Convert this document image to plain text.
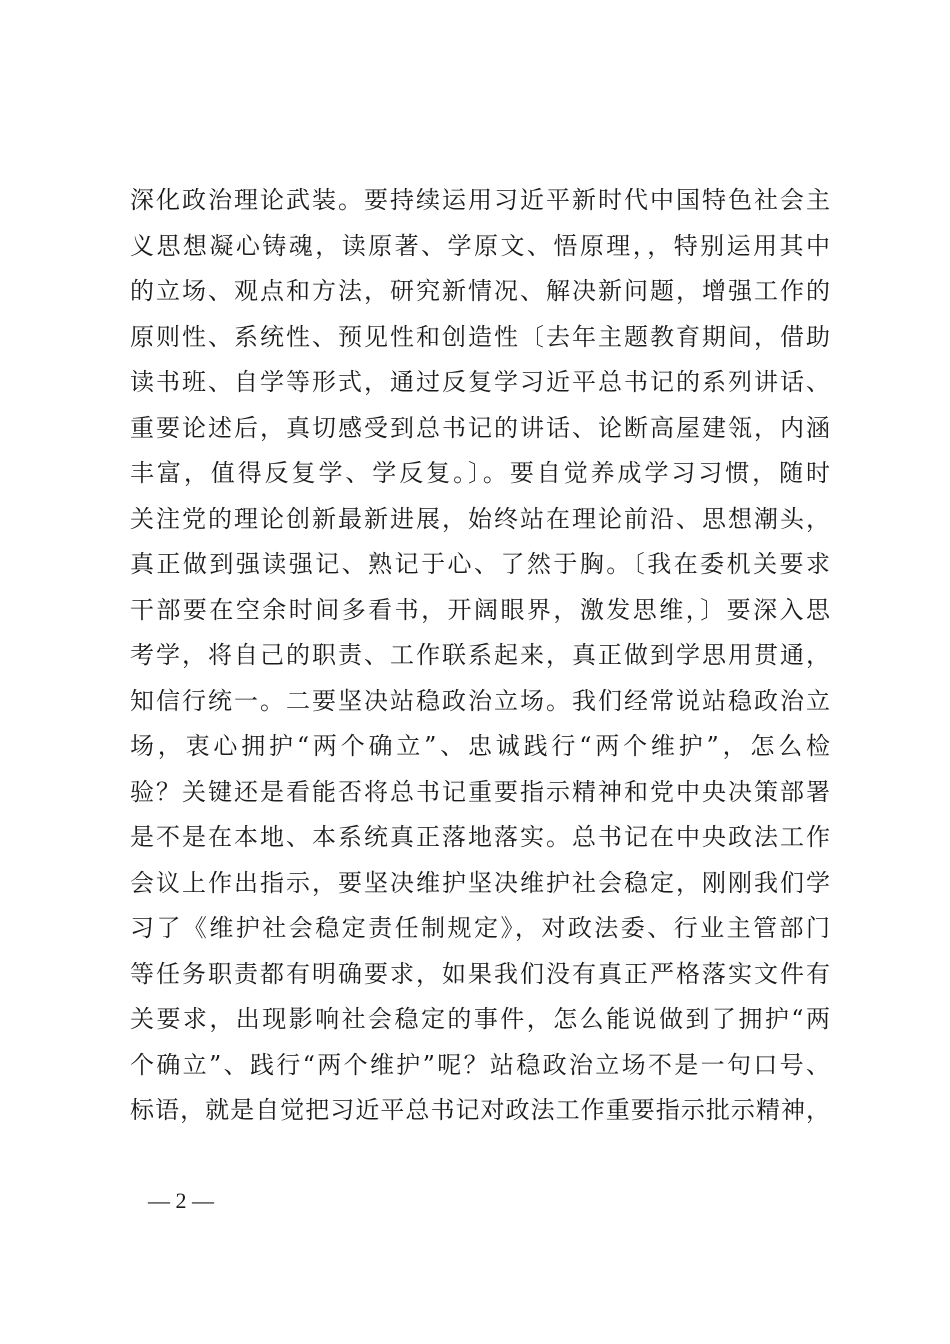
深化政治理论武装。要持续运用习近平新时代中国特色社会主
义思想凝心铸魂，读原著、学原文、悟原理，，特别运用其中
的立场、观点和方法，研究新情况、解决新问题，增强工作的
原则性、系统性、预见性和创造性〔去年主题教育期间，借助
读书班、自学等形式，通过反复学习近平总书记的系列讲话、
重要论述后，真切感受到总书记的讲话、论断高屋建瓴，内涵
丰富，值得反复学、学反复。〕。要自觉养成学习习惯，随时
关注党的理论创新最新进展，始终站在理论前沿、思想潮头，
真正做到强读强记、熟记于心、了然于胸。〔我在委机关要求
干部要在空余时间多看书，开阔眼界，激发思维，〕要深入思
考学，将自己的职责、工作联系起来，真正做到学思用贯通，
知信行统一。二要坚决站稳政治立场。我们经常说站稳政治立
场，衷心拥护“两个确立”、忠诚践行“两个维护”，怎么检
验？关键还是看能否将总书记重要指示精神和党中央决策部署
是不是在本地、本系统真正落地落实。总书记在中央政法工作
会议上作出指示，要坚决维护坚决维护社会稳定，刚刚我们学
习了《维护社会稳定责任制规定》，对政法委、行业主管部门
等任务职责都有明确要求，如果我们没有真正严格落实文件有
关要求，出现影响社会稳定的事件，怎么能说做到了拥护“两
个确立”、践行“两个维护”呢？站稳政治立场不是一句口号、
标语，就是自觉把习近平总书记对政法工作重要指示批示精神，
— 2 —
